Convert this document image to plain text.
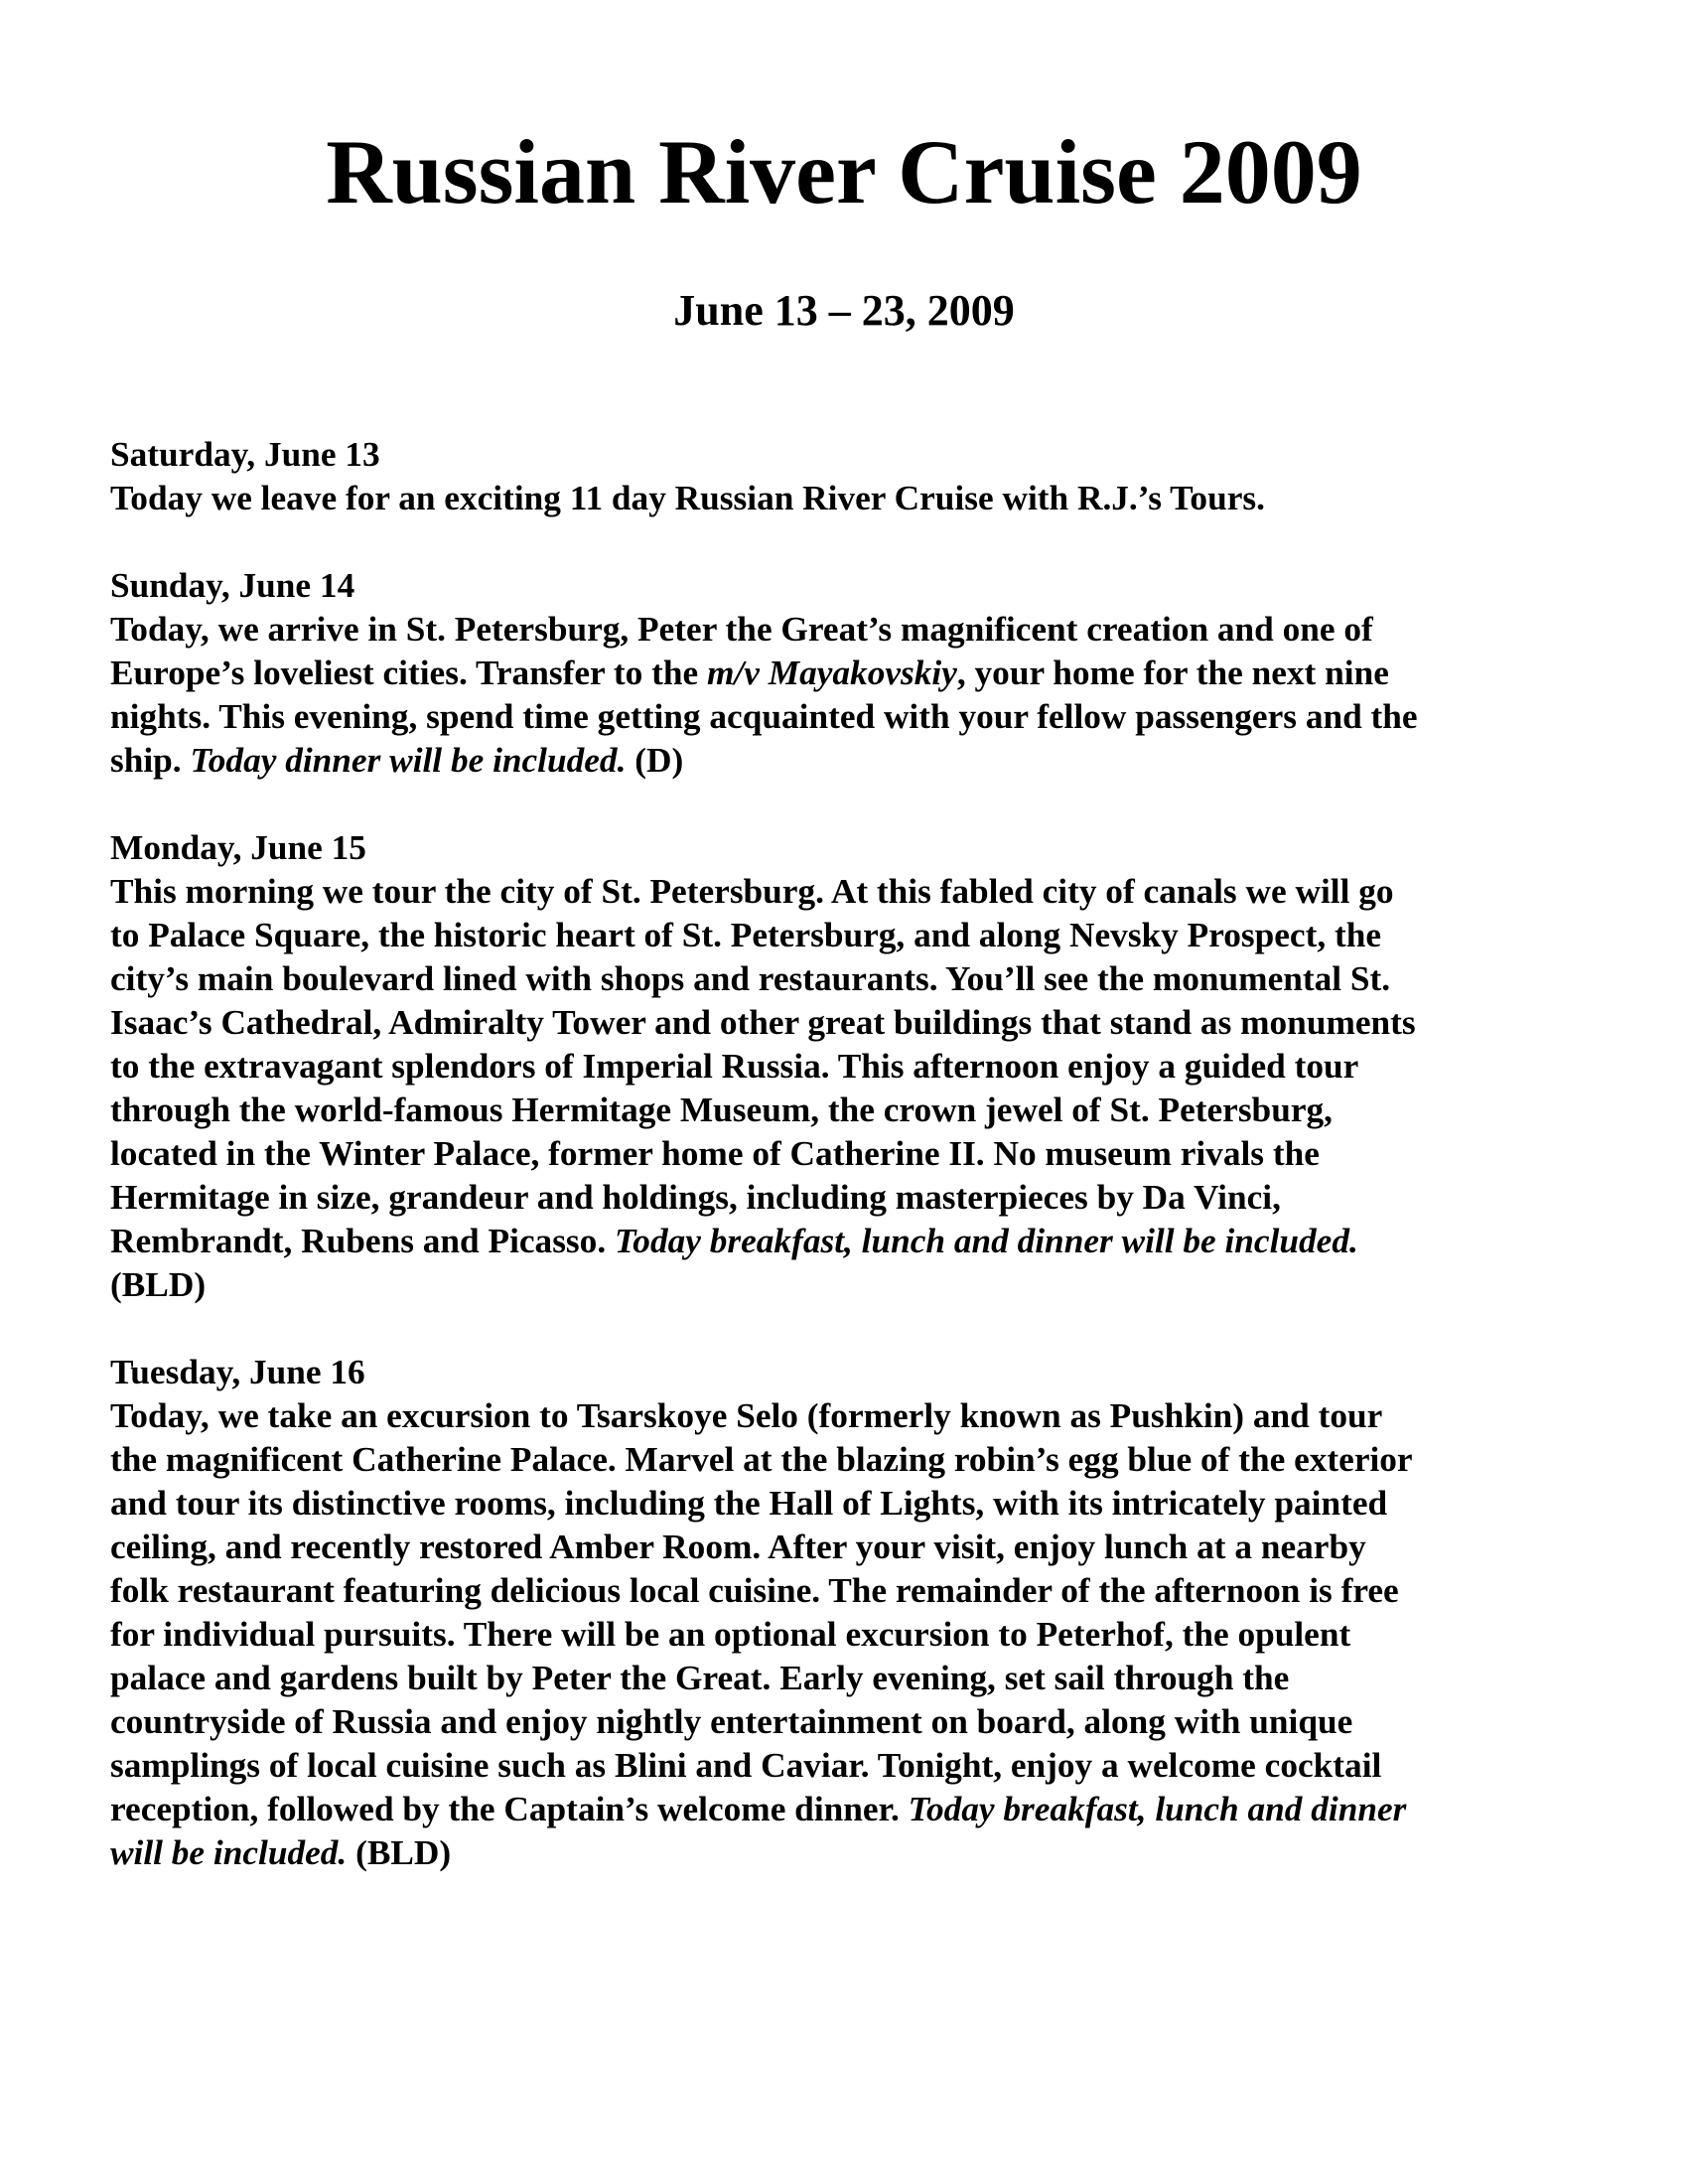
Russian River Cruise 2009
June 13 – 23, 2009

Saturday, June 13
Today we leave for an exciting 11 day Russian River Cruise with R.J.’s Tours.

Sunday, June 14
Today, we arrive in St. Petersburg, Peter the Great’s magnificent creation and one of
Europe’s loveliest cities. Transfer to the m/v Mayakovskiy, your home for the next nine
nights. This evening, spend time getting acquainted with your fellow passengers and the
ship. Today dinner will be included. (D)

Monday, June 15
This morning we tour the city of St. Petersburg. At this fabled city of canals we will go
to Palace Square, the historic heart of St. Petersburg, and along Nevsky Prospect, the
city’s main boulevard lined with shops and restaurants. You’ll see the monumental St.
Isaac’s Cathedral, Admiralty Tower and other great buildings that stand as monuments
to the extravagant splendors of Imperial Russia. This afternoon enjoy a guided tour
through the world-famous Hermitage Museum, the crown jewel of St. Petersburg,
located in the Winter Palace, former home of Catherine II. No museum rivals the
Hermitage in size, grandeur and holdings, including masterpieces by Da Vinci,
Rembrandt, Rubens and Picasso. Today breakfast, lunch and dinner will be included.
(BLD)

Tuesday, June 16
Today, we take an excursion to Tsarskoye Selo (formerly known as Pushkin) and tour
the magnificent Catherine Palace. Marvel at the blazing robin’s egg blue of the exterior
and tour its distinctive rooms, including the Hall of Lights, with its intricately painted
ceiling, and recently restored Amber Room. After your visit, enjoy lunch at a nearby
folk restaurant featuring delicious local cuisine. The remainder of the afternoon is free
for individual pursuits. There will be an optional excursion to Peterhof, the opulent
palace and gardens built by Peter the Great. Early evening, set sail through the
countryside of Russia and enjoy nightly entertainment on board, along with unique
samplings of local cuisine such as Blini and Caviar. Tonight, enjoy a welcome cocktail
reception, followed by the Captain’s welcome dinner. Today breakfast, lunch and dinner
will be included. (BLD)
